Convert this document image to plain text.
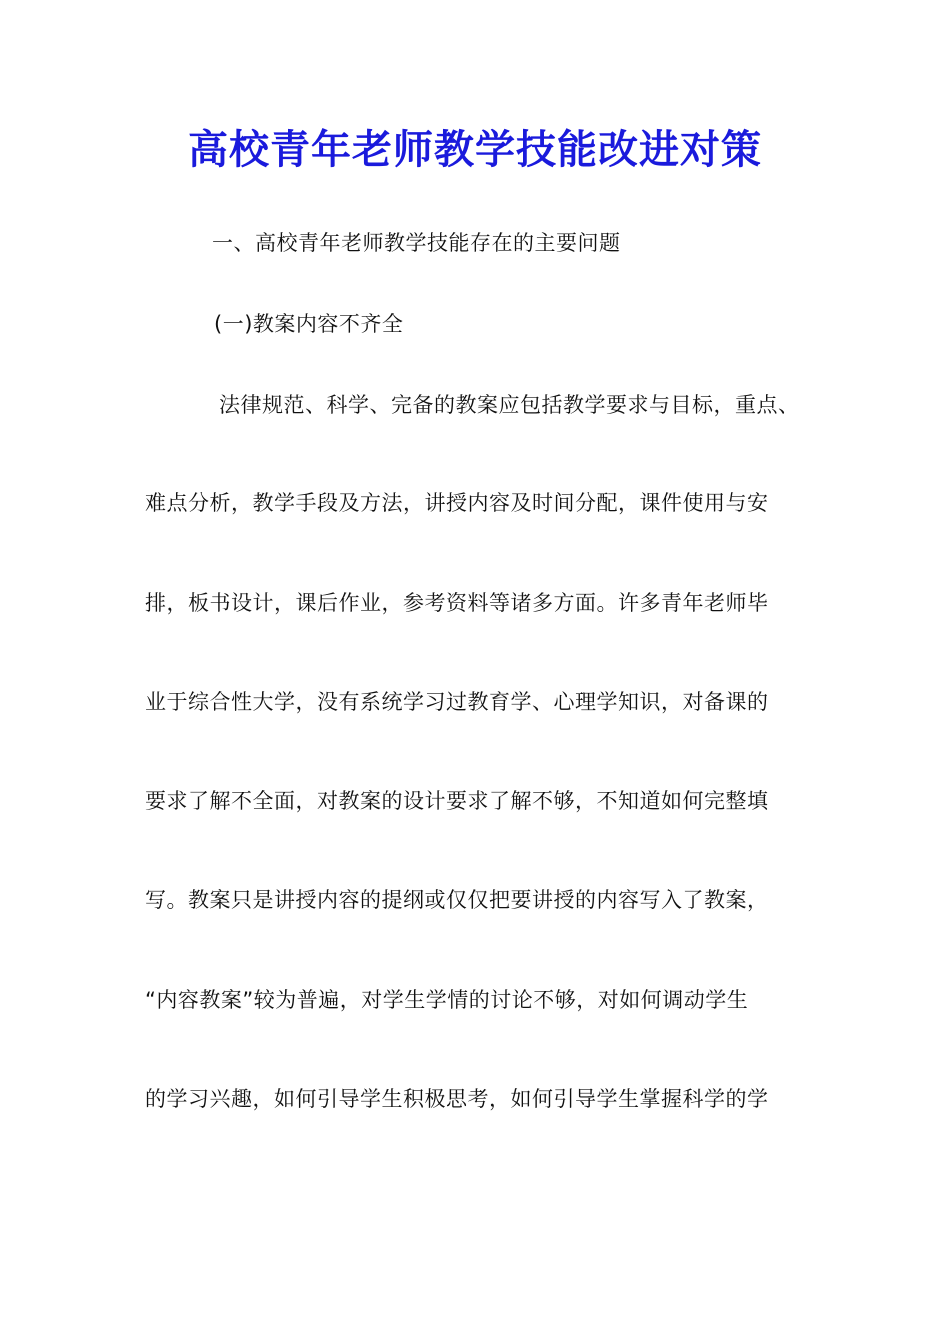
高校青年老师教学技能改进对策
一、高校青年老师教学技能存在的主要问题
(一)教案内容不齐全
法律规范、科学、完备的教案应包括教学要求与目标，重点、
难点分析，教学手段及方法，讲授内容及时间分配，课件使用与安
排，板书设计，课后作业，参考资料等诸多方面。许多青年老师毕
业于综合性大学，没有系统学习过教育学、心理学知识，对备课的
要求了解不全面，对教案的设计要求了解不够，不知道如何完整填
写。教案只是讲授内容的提纲或仅仅把要讲授的内容写入了教案，
“内容教案”较为普遍，对学生学情的讨论不够，对如何调动学生
的学习兴趣，如何引导学生积极思考，如何引导学生掌握科学的学
